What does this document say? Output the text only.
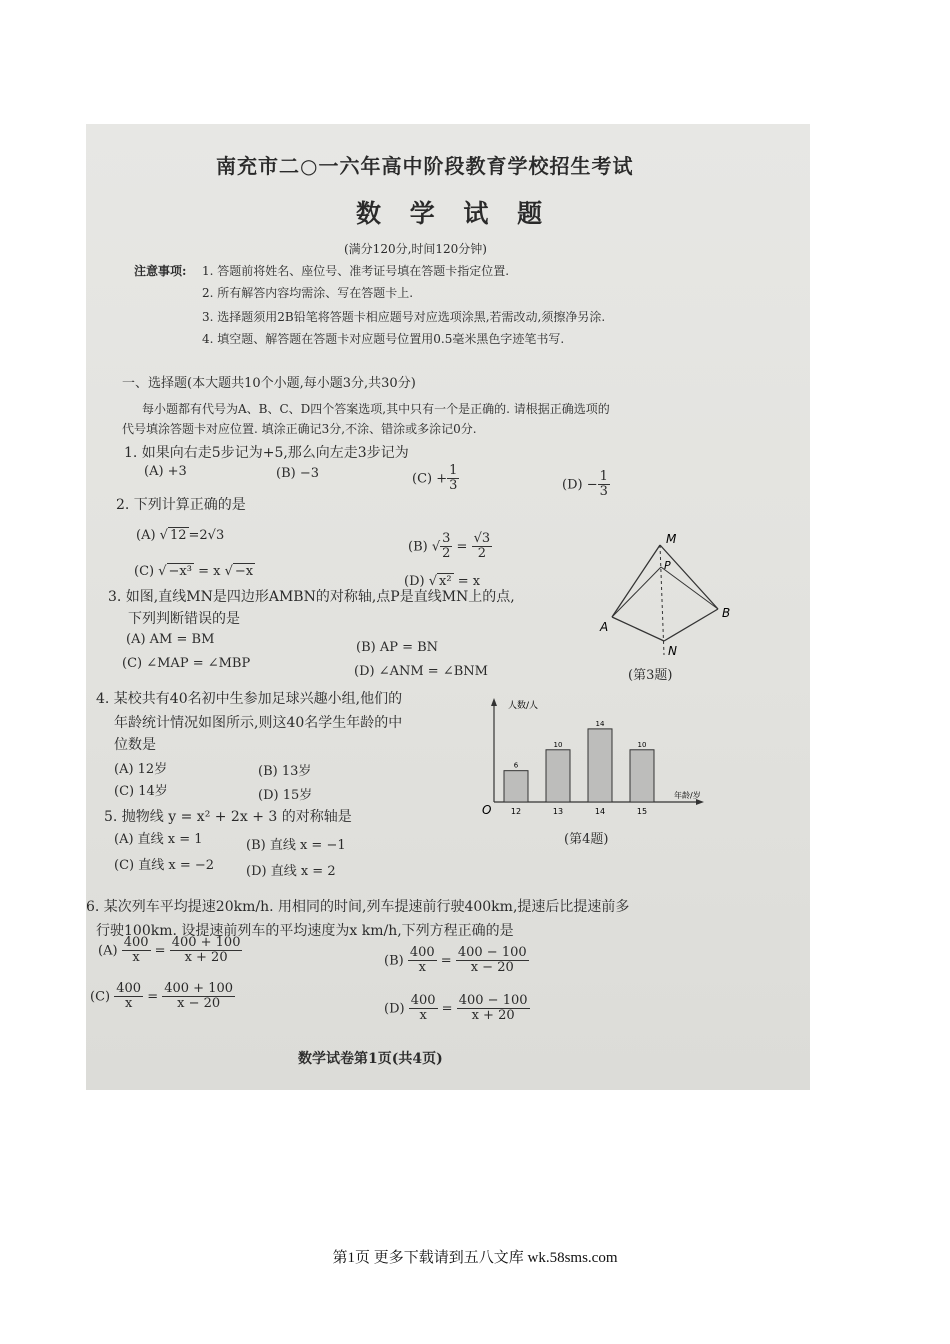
南充市二○一六年高中阶段教育学校招生考试
数 学 试 题
(满分120分,时间120分钟)
注意事项: 1. 答题前将姓名、座位号、准考证号填在答题卡指定位置.
2. 所有解答内容均需涂、写在答题卡上.
3. 选择题须用2B铅笔将答题卡相应题号对应选项涂黑,若需改动,须擦净另涂.
4. 填空题、解答题在答题卡对应题号位置用0.5毫米黑色字迹笔书写.
一、选择题(本大题共10个小题,每小题3分,共30分)
每小题都有代号为A、B、C、D四个答案选项,其中只有一个是正确的. 请根据正确选项的
代号填涂答题卡对应位置. 填涂正确记3分,不涂、错涂或多涂记0分.
1. 如果向右走5步记为+5,那么向左走3步记为
(A) +3	(B) −3	$(C) + \frac{1}{3}$	$(D) - \frac{1}{3}$
2. 下列计算正确的是
(A) √ 12 =2√3
(B) √ $\frac{3}{2} = \frac{√3}{2}$
(C) √ −x³ = x √ −x
(D) √ x² = x
M
P
A
B
N
3. 如图,直线MN是四边形AMBN的对称轴,点P是直线MN上的点,
下列判断错误的是
(A) AM = BM
(B) AP = BN
(C) ∠MAP = ∠MBP
(D) ∠ANM = ∠BNM	(第3题)
4. 某校共有40名初中生参加足球兴趣小组,他们的
年龄统计情况如图所示,则这40名学生年龄的中
位数是
(A) 12岁	(B) 13岁
(C) 14岁	(D) 15岁
人数/人
年龄/岁
O
6
12
10
13
14
14
10
15
(第4题)
5. 抛物线 y = x² + 2x + 3 的对称轴是
(A) 直线 x = 1	(B) 直线 x = −1
(C) 直线 x = −2 (D) 直线 x = 2
6. 某次列车平均提速20km/h. 用相同的时间,列车提速前行驶400km,提速后比提速前多
行驶100km. 设提速前列车的平均速度为x km/h,下列方程正确的是
$(A) \frac{400}{x} = \frac{400 + 100}{x + 20}$	$(B) \frac{400}{x} = \frac{400 - 100}{x - 20}$
$(C) \frac{400}{x} = \frac{400 + 100}{x - 20}$	$(D) \frac{400}{x} = \frac{400 - 100}{x + 20}$
数学试卷第1页(共4页)
第1页 更多下载请到五八文库 wk.58sms.com
